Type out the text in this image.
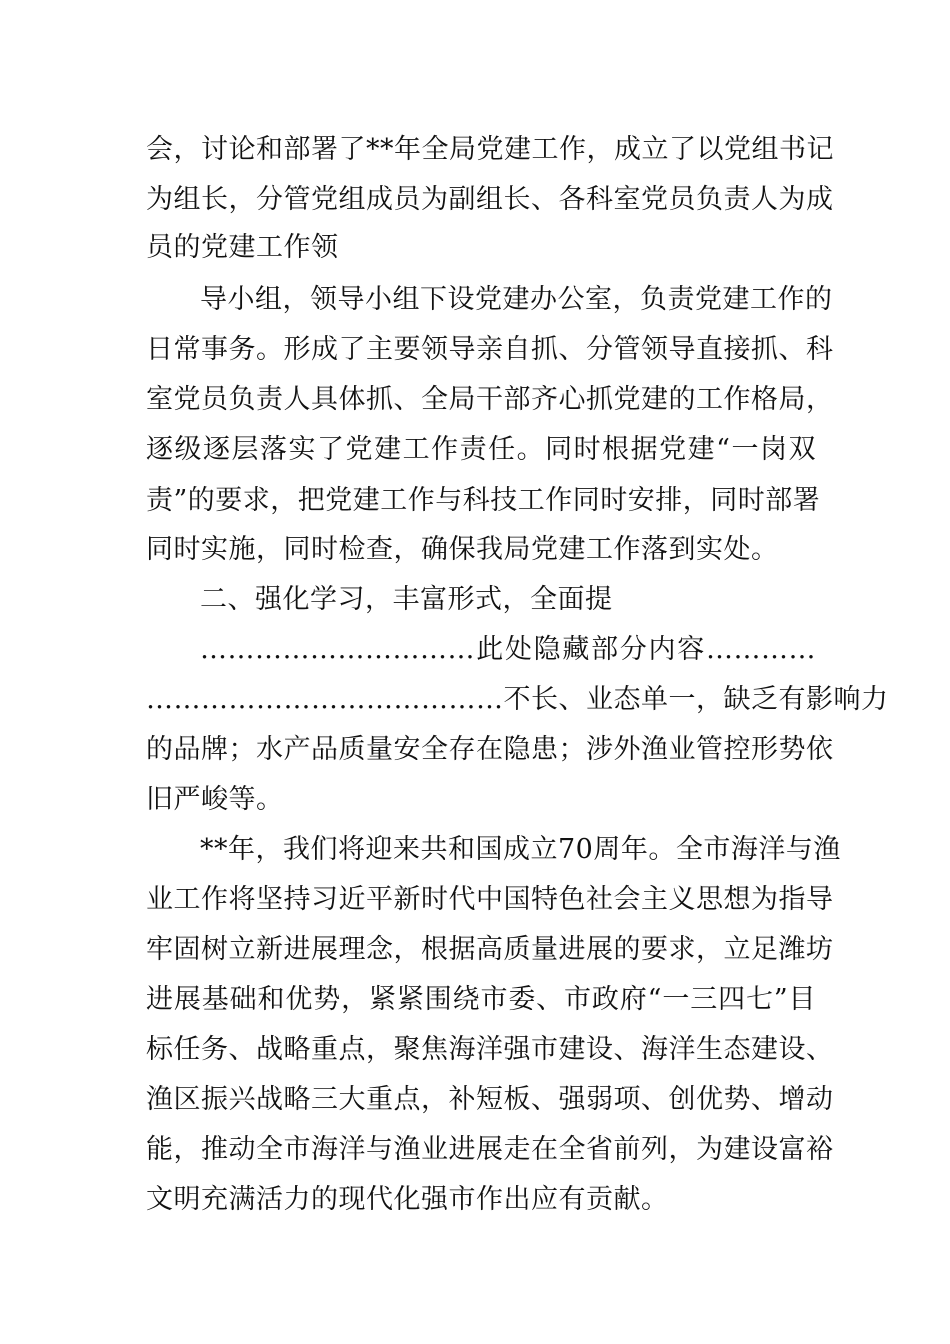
会，讨论和部署了**年全局党建工作，成立了以党组书记
为组长，分管党组成员为副组长、各科室党员负责人为成
员的党建工作领
导小组，领导小组下设党建办公室，负责党建工作的
日常事务。形成了主要领导亲自抓、分管领导直接抓、科
室党员负责人具体抓、全局干部齐心抓党建的工作格局，
逐级逐层落实了党建工作责任。同时根据党建“一岗双
责”的要求，把党建工作与科技工作同时安排，同时部署
同时实施，同时检查，确保我局党建工作落到实处。
二、强化学习，丰富形式，全面提
…………………………此处隐藏部分内容…………
…………………………………不长、业态单一，缺乏有影响力
的品牌；水产品质量安全存在隐患；涉外渔业管控形势依
旧严峻等。
**年，我们将迎来共和国成立70周年。全市海洋与渔
业工作将坚持习近平新时代中国特色社会主义思想为指导
牢固树立新进展理念，根据高质量进展的要求，立足潍坊
进展基础和优势，紧紧围绕市委、市政府“一三四七”目
标任务、战略重点，聚焦海洋强市建设、海洋生态建设、
渔区振兴战略三大重点，补短板、强弱项、创优势、增动
能，推动全市海洋与渔业进展走在全省前列，为建设富裕
文明充满活力的现代化强市作出应有贡献。
